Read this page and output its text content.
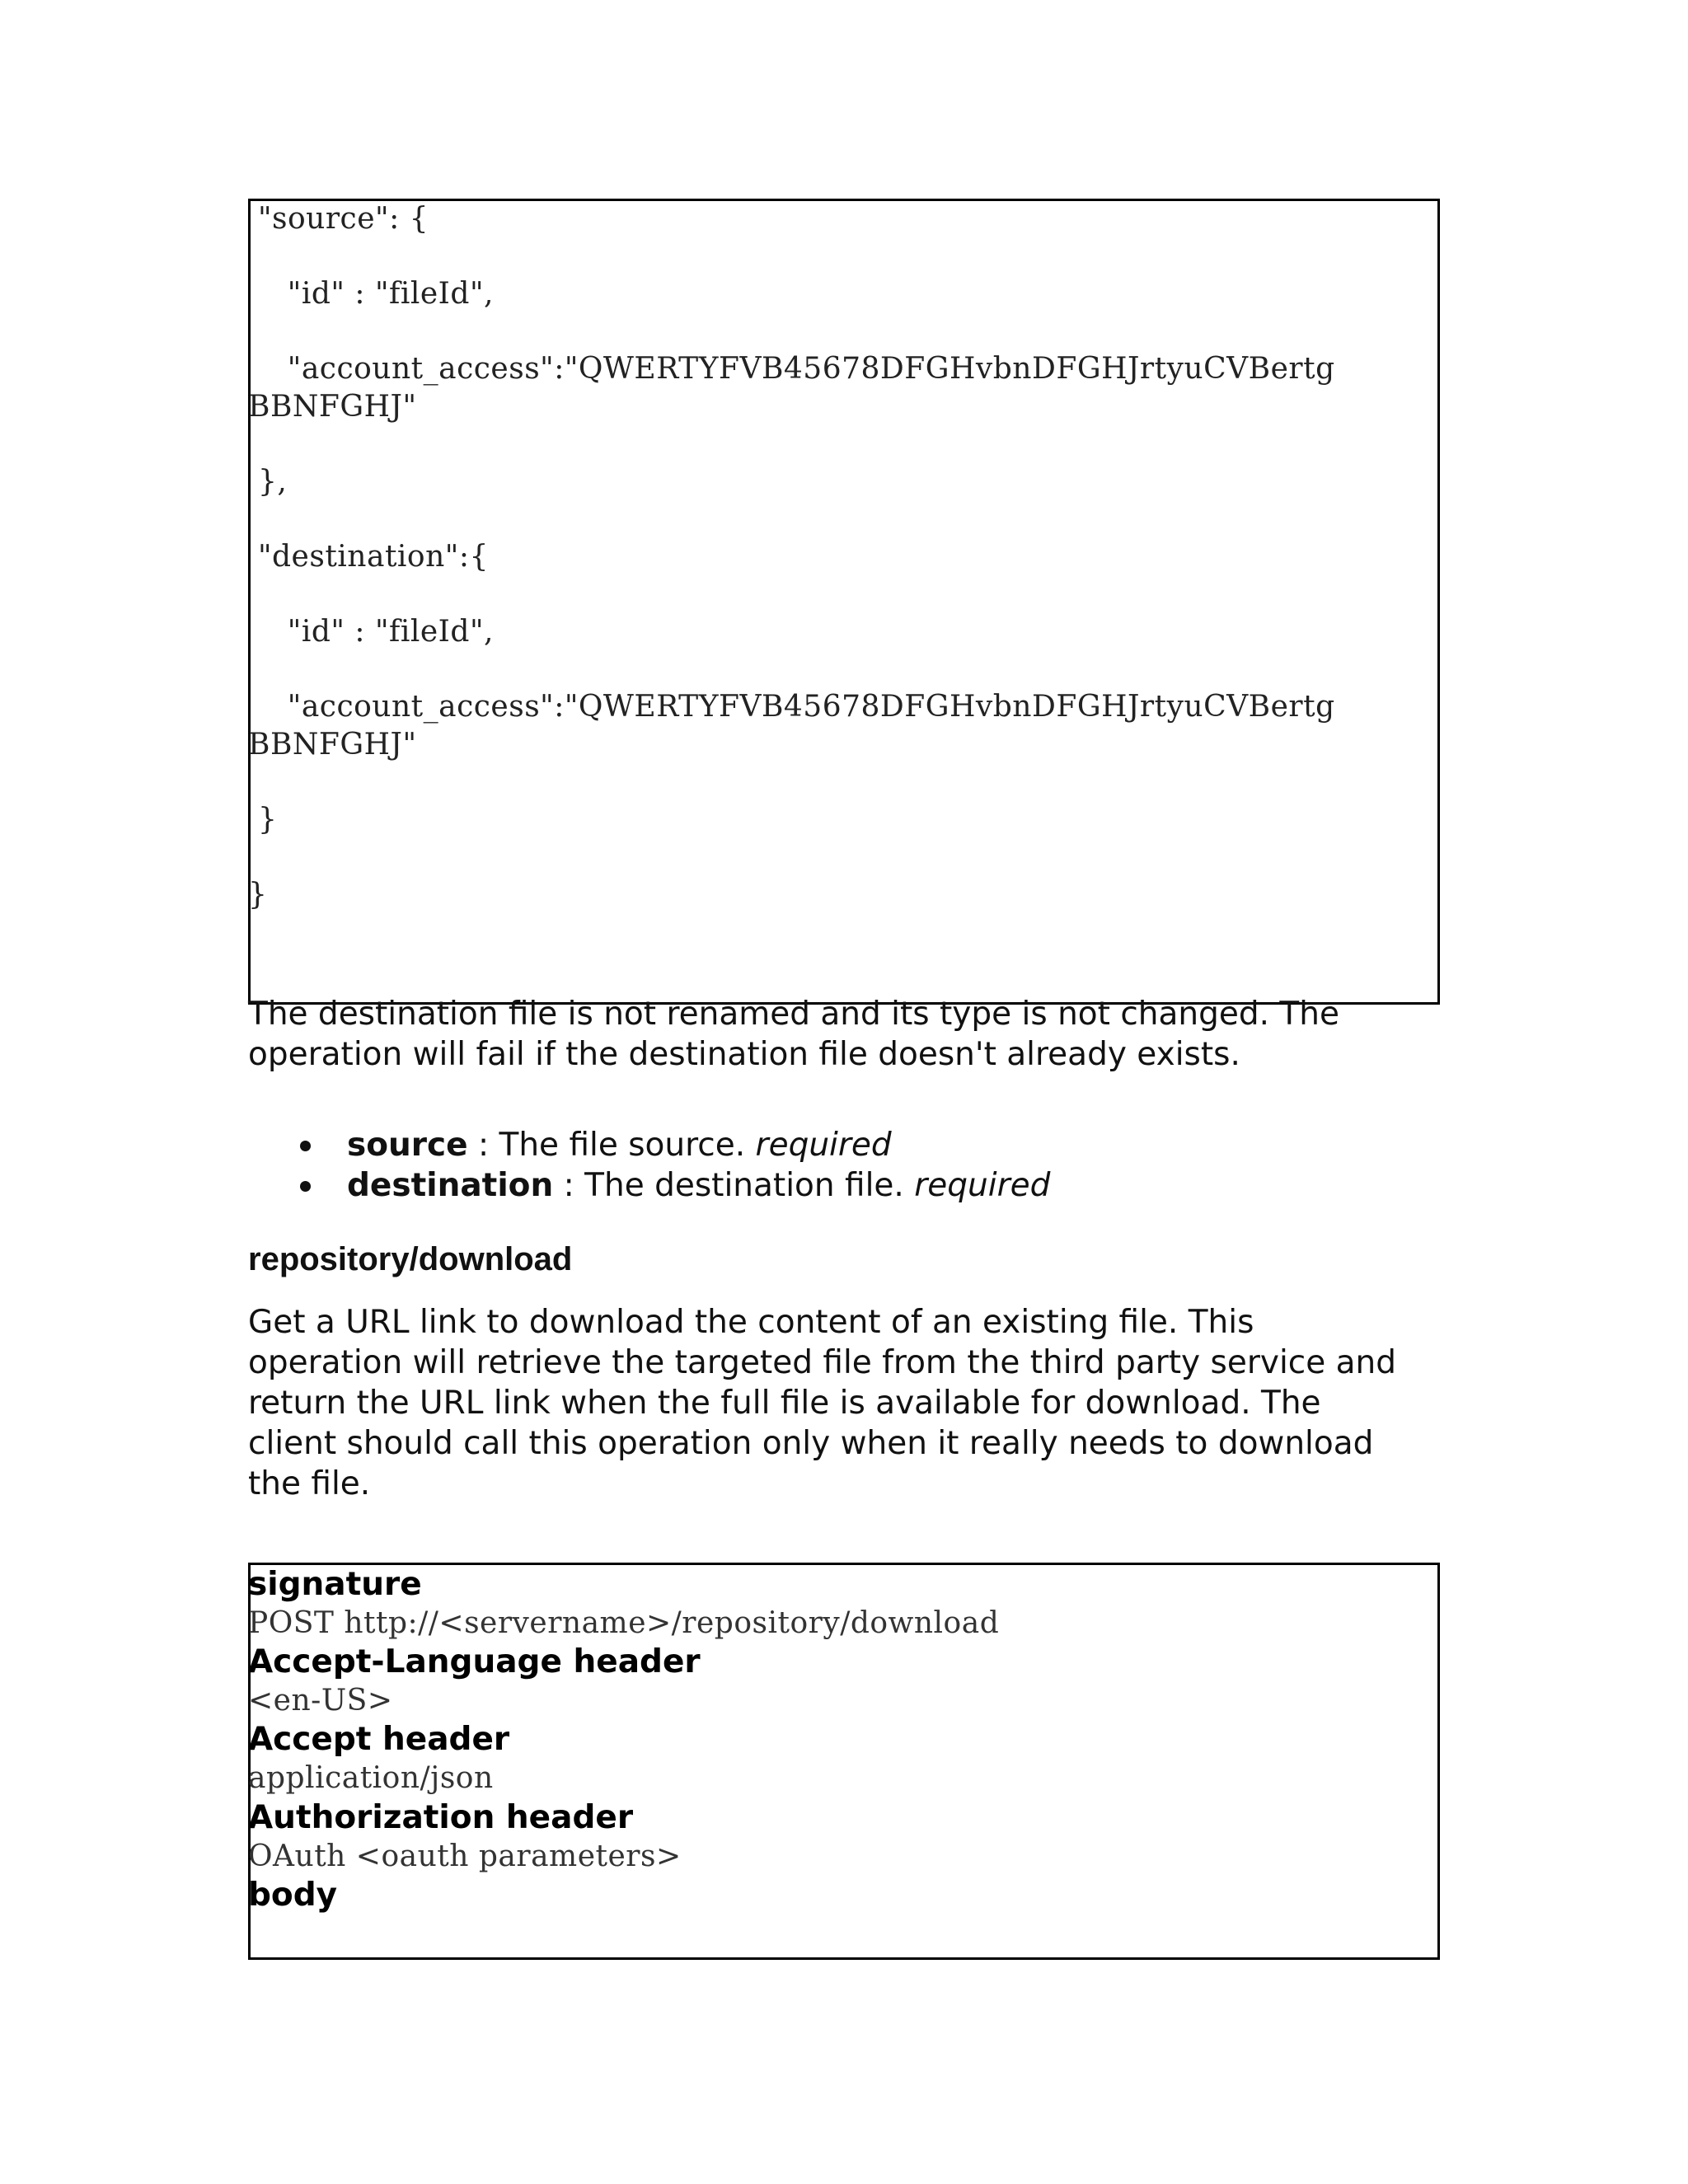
"source": {
"id" : "fileId",
"account_access":"QWERTYFVB45678DFGHvbnDFGHJrtyuCVBertg
BBNFGHJ"
},
"destination":{
"id" : "fileId",
"account_access":"QWERTYFVB45678DFGHvbnDFGHJrtyuCVBertg
BBNFGHJ"
}
}
The destination file is not renamed and its type is not changed. The
operation will fail if the destination file doesn't already exists.
source : The file source. required
destination : The destination file. required
repository/download
Get a URL link to download the content of an existing file. This
operation will retrieve the targeted file from the third party service and
return the URL link when the full file is available for download. The
client should call this operation only when it really needs to download
the file.
signature
POST http://<servername>/repository/download
Accept-Language header
<en-US>
Accept header
application/json
Authorization header
OAuth <oauth parameters>
body
